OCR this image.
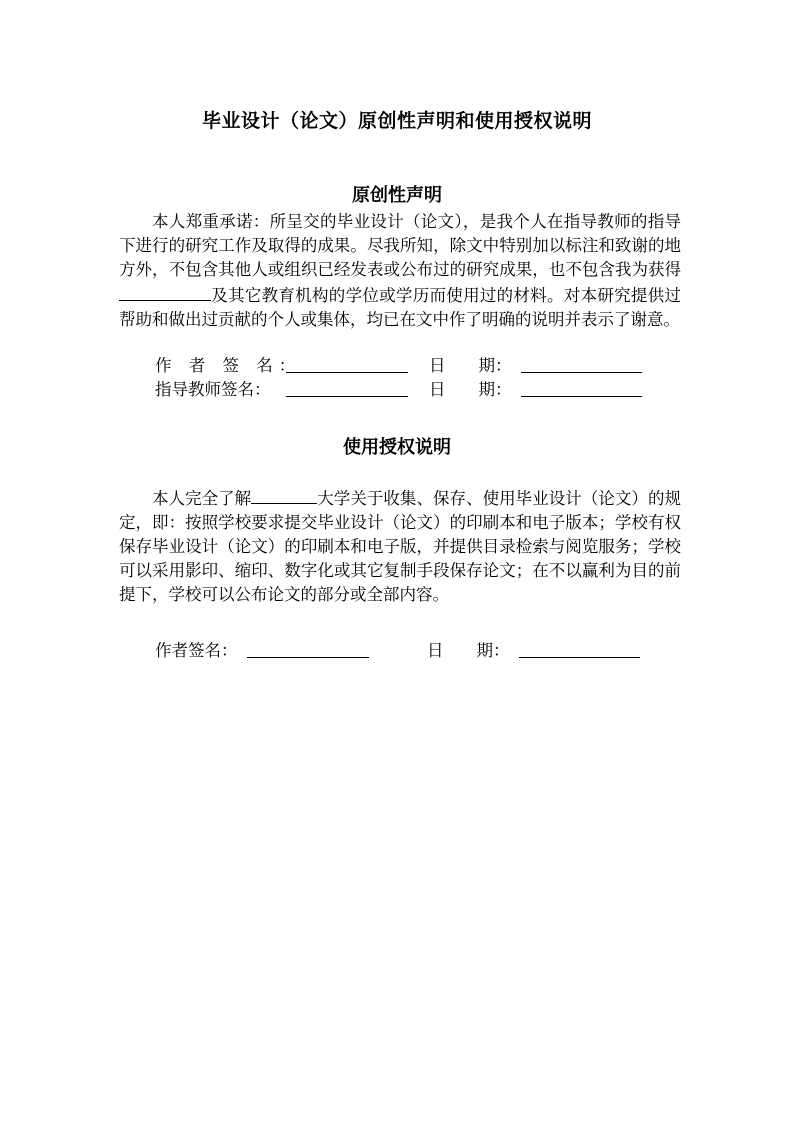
毕业设计（论文）原创性声明和使用授权说明
原创性声明

本人郑重承诺：所呈交的毕业设计（论文），是我个人在指导教师的指导下进行的研究工作及取得的成果。尽我所知，除文中特别加以标注和致谢的地方外，不包含其他人或组织已经发表或公布过的研究成果，也不包含我为获得及其它教育机构的学位或学历而使用过的材料。对本研究提供过帮助和做出过贡献的个人或集体，均已在文中作了明确的说明并表示了谢意。

作 者 签 名：	日　　期：
指导教师签名：	日　　期：
使用授权说明

本人完全了解	大学关于收集、保存、使用毕业设计（论文）的规定，即：按照学校要求提交毕业设计（论文）的印刷本和电子版本；学校有权保存毕业设计（论文）的印刷本和电子版，并提供目录检索与阅览服务；学校可以采用影印、缩印、数字化或其它复制手段保存论文；在不以赢利为目的前提下，学校可以公布论文的部分或全部内容。

作者签名：	日　　期：
